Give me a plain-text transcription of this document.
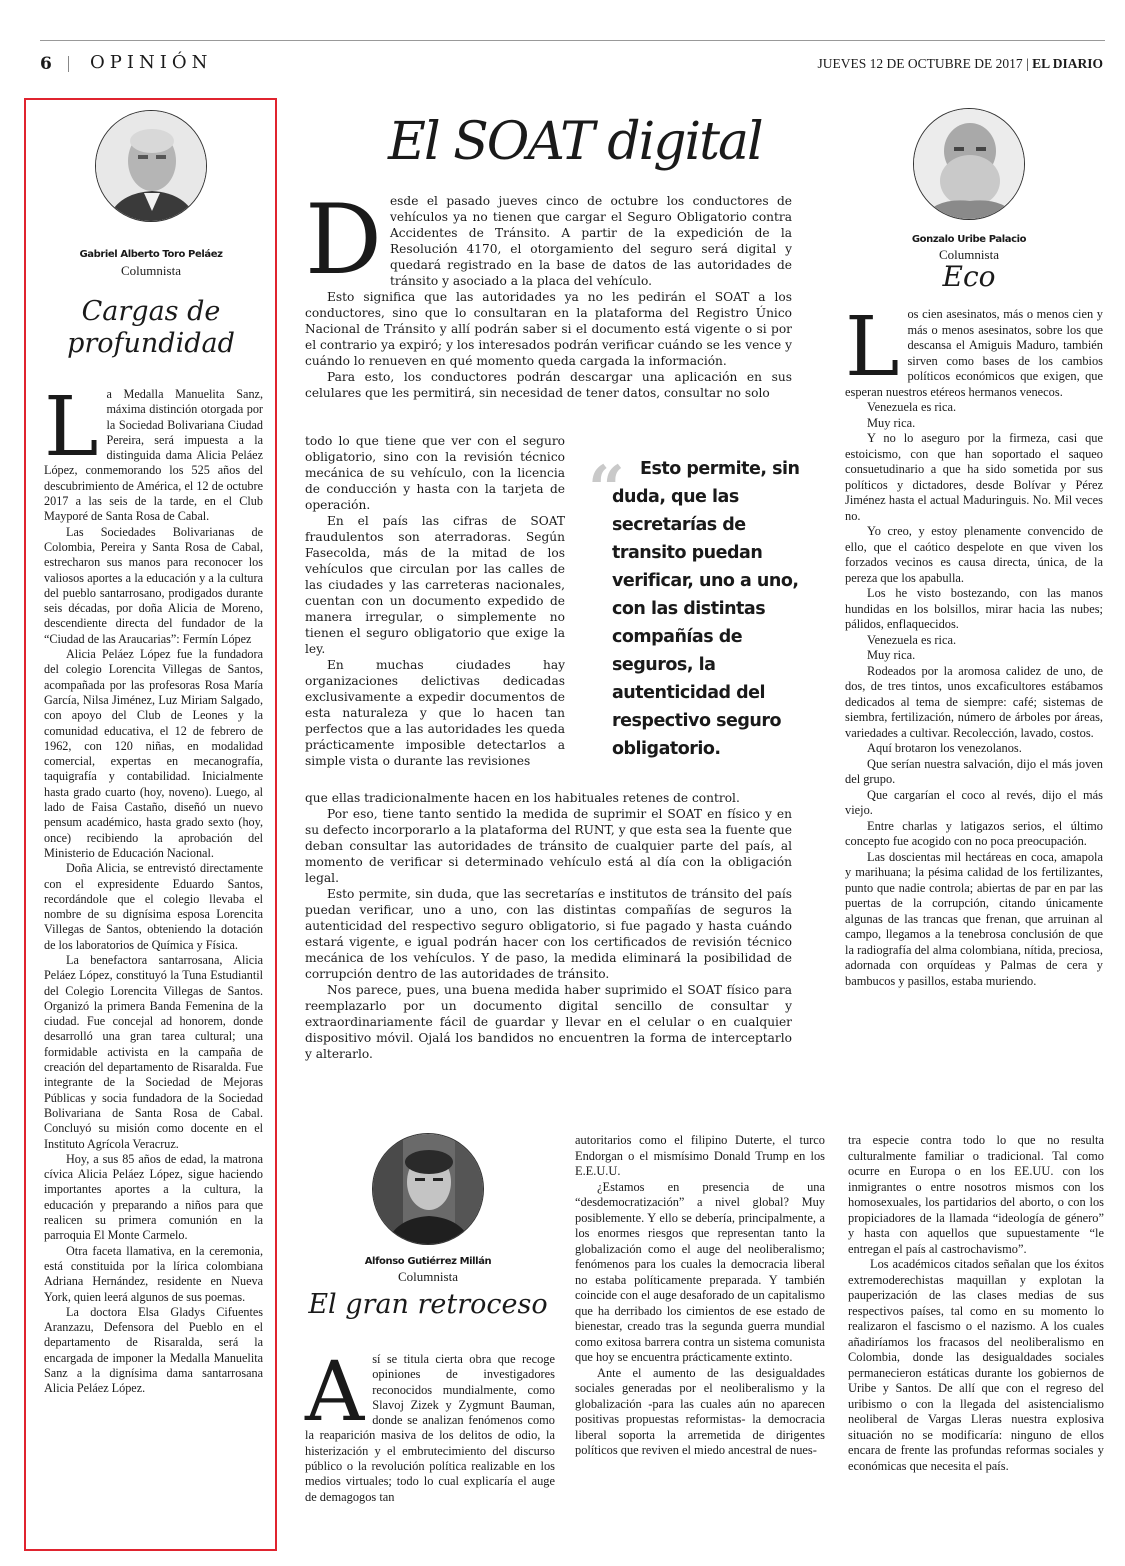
6 OPINIÓN	JUEVES 12 DE OCTUBRE DE 2017 | EL DIARIO
Gabriel Alberto Toro Peláez
Columnista
Cargas de profundidad

La Medalla Manuelita Sanz, máxima distinción otorgada por la Sociedad Bolivariana Ciudad Pereira, será impuesta a la distinguida dama Alicia Peláez López, conmemorando los 525 años del descubrimiento de América, el 12 de octubre 2017 a las seis de la tarde, en el Club Mayporé de Santa Rosa de Cabal.

Las Sociedades Bolivarianas de Colombia, Pereira y Santa Rosa de Cabal, estrecharon sus manos para reconocer los valiosos aportes a la educación y a la cultura del pueblo santarrosano, prodigados durante seis décadas, por doña Alicia de Moreno, descendiente directa del fundador de la “Ciudad de las Araucarias”: Fermín López

Alicia Peláez López fue la fundadora del colegio Lorencita Villegas de Santos, acompañada por las profesoras Rosa María García, Nilsa Jiménez, Luz Miriam Salgado, con apoyo del Club de Leones y la comunidad educativa, el 12 de febrero de 1962, con 120 niñas, en modalidad comercial, expertas en mecanografía, taquigrafía y contabilidad. Inicialmente hasta grado cuarto (hoy, noveno). Luego, al lado de Faisa Castaño, diseñó un nuevo pensum académico, hasta grado sexto (hoy, once) recibiendo la aprobación del Ministerio de Educación Nacional.

Doña Alicia, se entrevistó directamente con el expresidente Eduardo Santos, recordándole que el colegio llevaba el nombre de su dignísima esposa Lorencita Villegas de Santos, obteniendo la dotación de los laboratorios de Química y Física.

La benefactora santarrosana, Alicia Peláez López, constituyó la Tuna Estudiantil del Colegio Lorencita Villegas de Santos. Organizó la primera Banda Femenina de la ciudad. Fue concejal ad honorem, donde desarrolló una gran tarea cultural; una formidable activista en la campaña de creación del departamento de Risaralda. Fue integrante de la Sociedad de Mejoras Públicas y socia fundadora de la Sociedad Bolivariana de Santa Rosa de Cabal. Concluyó su misión como docente en el Instituto Agrícola Veracruz.

Hoy, a sus 85 años de edad, la matrona cívica Alicia Peláez López, sigue haciendo importantes aportes a la cultura, la educación y preparando a niños para que realicen su primera comunión en la parroquia El Monte Carmelo.

Otra faceta llamativa, en la ceremonia, está constituida por la lírica colombiana Adriana Hernández, residente en Nueva York, quien leerá algunos de sus poemas.

La doctora Elsa Gladys Cifuentes Aranzazu, Defensora del Pueblo en el departamento de Risaralda, será la encargada de imponer la Medalla Manuelita Sanz a la dignísima dama santarrosana Alicia Peláez López.

El SOAT digital

Desde el pasado jueves cinco de octubre los conductores de vehículos ya no tienen que cargar el Seguro Obligatorio contra Accidentes de Tránsito. A partir de la expedición de la Resolución 4170, el otorgamiento del seguro será digital y quedará registrado en la base de datos de las autoridades de tránsito y asociado a la placa del vehículo.

Esto significa que las autoridades ya no les pedirán el SOAT a los conductores, sino que lo consultaran en la plataforma del Registro Único Nacional de Tránsito y allí podrán saber si el documento está vigente o si por el contrario ya expiró; y los interesados podrán verificar cuándo se les vence y cuándo lo renueven en qué momento queda cargada la información.

Para esto, los conductores podrán descargar una aplicación en sus celulares que les permitirá, sin necesidad de tener datos, consultar no solo

todo lo que tiene que ver con el seguro obligatorio, sino con la revisión técnico mecánica de su vehículo, con la licencia de conducción y hasta con la tarjeta de operación.

En el país las cifras de SOAT fraudulentos son aterradoras. Según Fasecolda, más de la mitad de los vehículos que circulan por las calles de las ciudades y las carreteras nacionales, cuentan con un documento expedido de manera irregular, o simplemente no tienen el seguro obligatorio que exige la ley.

En muchas ciudades hay organizaciones delictivas dedicadas exclusivamente a expedir documentos de esta naturaleza y que lo hacen tan perfectos que a las autoridades les queda prácticamente imposible detectarlos a simple vista o durante las revisiones

que ellas tradicionalmente hacen en los habituales retenes de control.

Por eso, tiene tanto sentido la medida de suprimir el SOAT en físico y en su defecto incorporarlo a la plataforma del RUNT, y que esta sea la fuente que deban consultar las autoridades de tránsito de cualquier parte del país, al momento de verificar si determinado vehículo está al día con la obligación legal.

Esto permite, sin duda, que las secretarías e institutos de tránsito del país puedan verificar, uno a uno, con las distintas compañías de seguros la autenticidad del respectivo seguro obligatorio, si fue pagado y hasta cuándo estará vigente, e igual podrán hacer con los certificados de revisión técnico mecánica de los vehículos. Y de paso, la medida eliminará la posibilidad de corrupción dentro de las autoridades de tránsito.

Nos parece, pues, una buena medida haber suprimido el SOAT físico para reemplazarlo por un documento digital sencillo de consultar y extraordinariamente fácil de guardar y llevar en el celular o en cualquier dispositivo móvil. Ojalá los bandidos no encuentren la forma de interceptarlo y alterarlo.

“ Esto permite, sin duda, que las secretarías de transito puedan verificar, uno a uno, con las distintas compañías de seguros, la autenticidad del respectivo seguro obligatorio.
Gonzalo Uribe Palacio
Columnista
Eco

Los cien asesinatos, más o menos cien y más o menos asesinatos, sobre los que descansa el Amiguis Maduro, también sirven como bases de los cambios políticos económicos que exigen, que esperan nuestros etéreos hermanos venecos.

Venezuela es rica.

Muy rica.

Y no lo aseguro por la firmeza, casi que estoicismo, con que han soportado el saqueo consuetudinario a que ha sido sometida por sus políticos y dictadores, desde Bolívar y Pérez Jiménez hasta el actual Maduringuis. No. Mil veces no.

Yo creo, y estoy plenamente convencido de ello, que el caótico despelote en que viven los forzados vecinos es causa directa, única, de la pereza que los apabulla.

Los he visto bostezando, con las manos hundidas en los bolsillos, mirar hacia las nubes; pálidos, enflaquecidos.

Venezuela es rica.

Muy rica.

Rodeados por la aromosa calidez de uno, de dos, de tres tintos, unos excaficultores estábamos dedicados al tema de siempre: café; sistemas de siembra, fertilización, número de árboles por áreas, variedades a cultivar. Recolección, lavado, costos.

Aquí brotaron los venezolanos.

Que serían nuestra salvación, dijo el más joven del grupo.

Que cargarían el coco al revés, dijo el más viejo.

Entre charlas y latigazos serios, el último concepto fue acogido con no poca preocupación.

Las doscientas mil hectáreas en coca, amapola y marihuana; la pésima calidad de los fertilizantes, punto que nadie controla; abiertas de par en par las puertas de la corrupción, citando únicamente algunas de las trancas que frenan, que arruinan al campo, llegamos a la tenebrosa conclusión de que la radiografía del alma colombiana, nítida, preciosa, adornada con orquídeas y Palmas de cera y bambucos y pasillos, estaba muriendo.

Alfonso Gutiérrez Millán
Columnista
El gran retroceso

Así se titula cierta obra que recoge opiniones de investigadores reconocidos mundialmente, como Slavoj Zizek y Zygmunt Bauman, donde se analizan fenómenos como la reaparición masiva de los delitos de odio, la histerización y el embrutecimiento del discurso público o la revolución política realizable en los medios virtuales; todo lo cual explicaría el auge de demagogos tan

autoritarios como el filipino Duterte, el turco Endorgan o el mismísimo Donald Trump en los E.E.U.U.

¿Estamos en presencia de una “desdemocratización” a nivel global? Muy posiblemente. Y ello se debería, principalmente, a los enormes riesgos que representan tanto la globalización como el auge del neoliberalismo; fenómenos para los cuales la democracia liberal no estaba políticamente preparada. Y también coincide con el auge desaforado de un capitalismo que ha derribado los cimientos de ese estado de bienestar, creado tras la segunda guerra mundial como exitosa barrera contra un sistema comunista que hoy se encuentra prácticamente extinto.

Ante el aumento de las desigualdades sociales generadas por el neoliberalismo y la globalización -para las cuales aún no aparecen positivas propuestas reformistas- la democracia liberal soporta la arremetida de dirigentes políticos que reviven el miedo ancestral de nues-

tra especie contra todo lo que no resulta culturalmente familiar o tradicional. Tal como ocurre en Europa o en los EE.UU. con los inmigrantes o entre nosotros mismos con los homosexuales, los partidarios del aborto, o con los propiciadores de la llamada “ideología de género” y hasta con aquellos que supuestamente “le entregan el país al castrochavismo”.

Los académicos citados señalan que los éxitos extremoderechistas maquillan y explotan la pauperización de las clases medias de sus respectivos países, tal como en su momento lo realizaron el fascismo o el nazismo. A los cuales añadiríamos los fracasos del neoliberalismo en Colombia, donde las desigualdades sociales permanecieron estáticas durante los gobiernos de Uribe y Santos. De allí que con el regreso del uribismo o con la llegada del asistencialismo neoliberal de Vargas Lleras nuestra explosiva situación no se modificaría: ninguno de ellos encara de frente las profundas reformas sociales y económicas que necesita el país.
